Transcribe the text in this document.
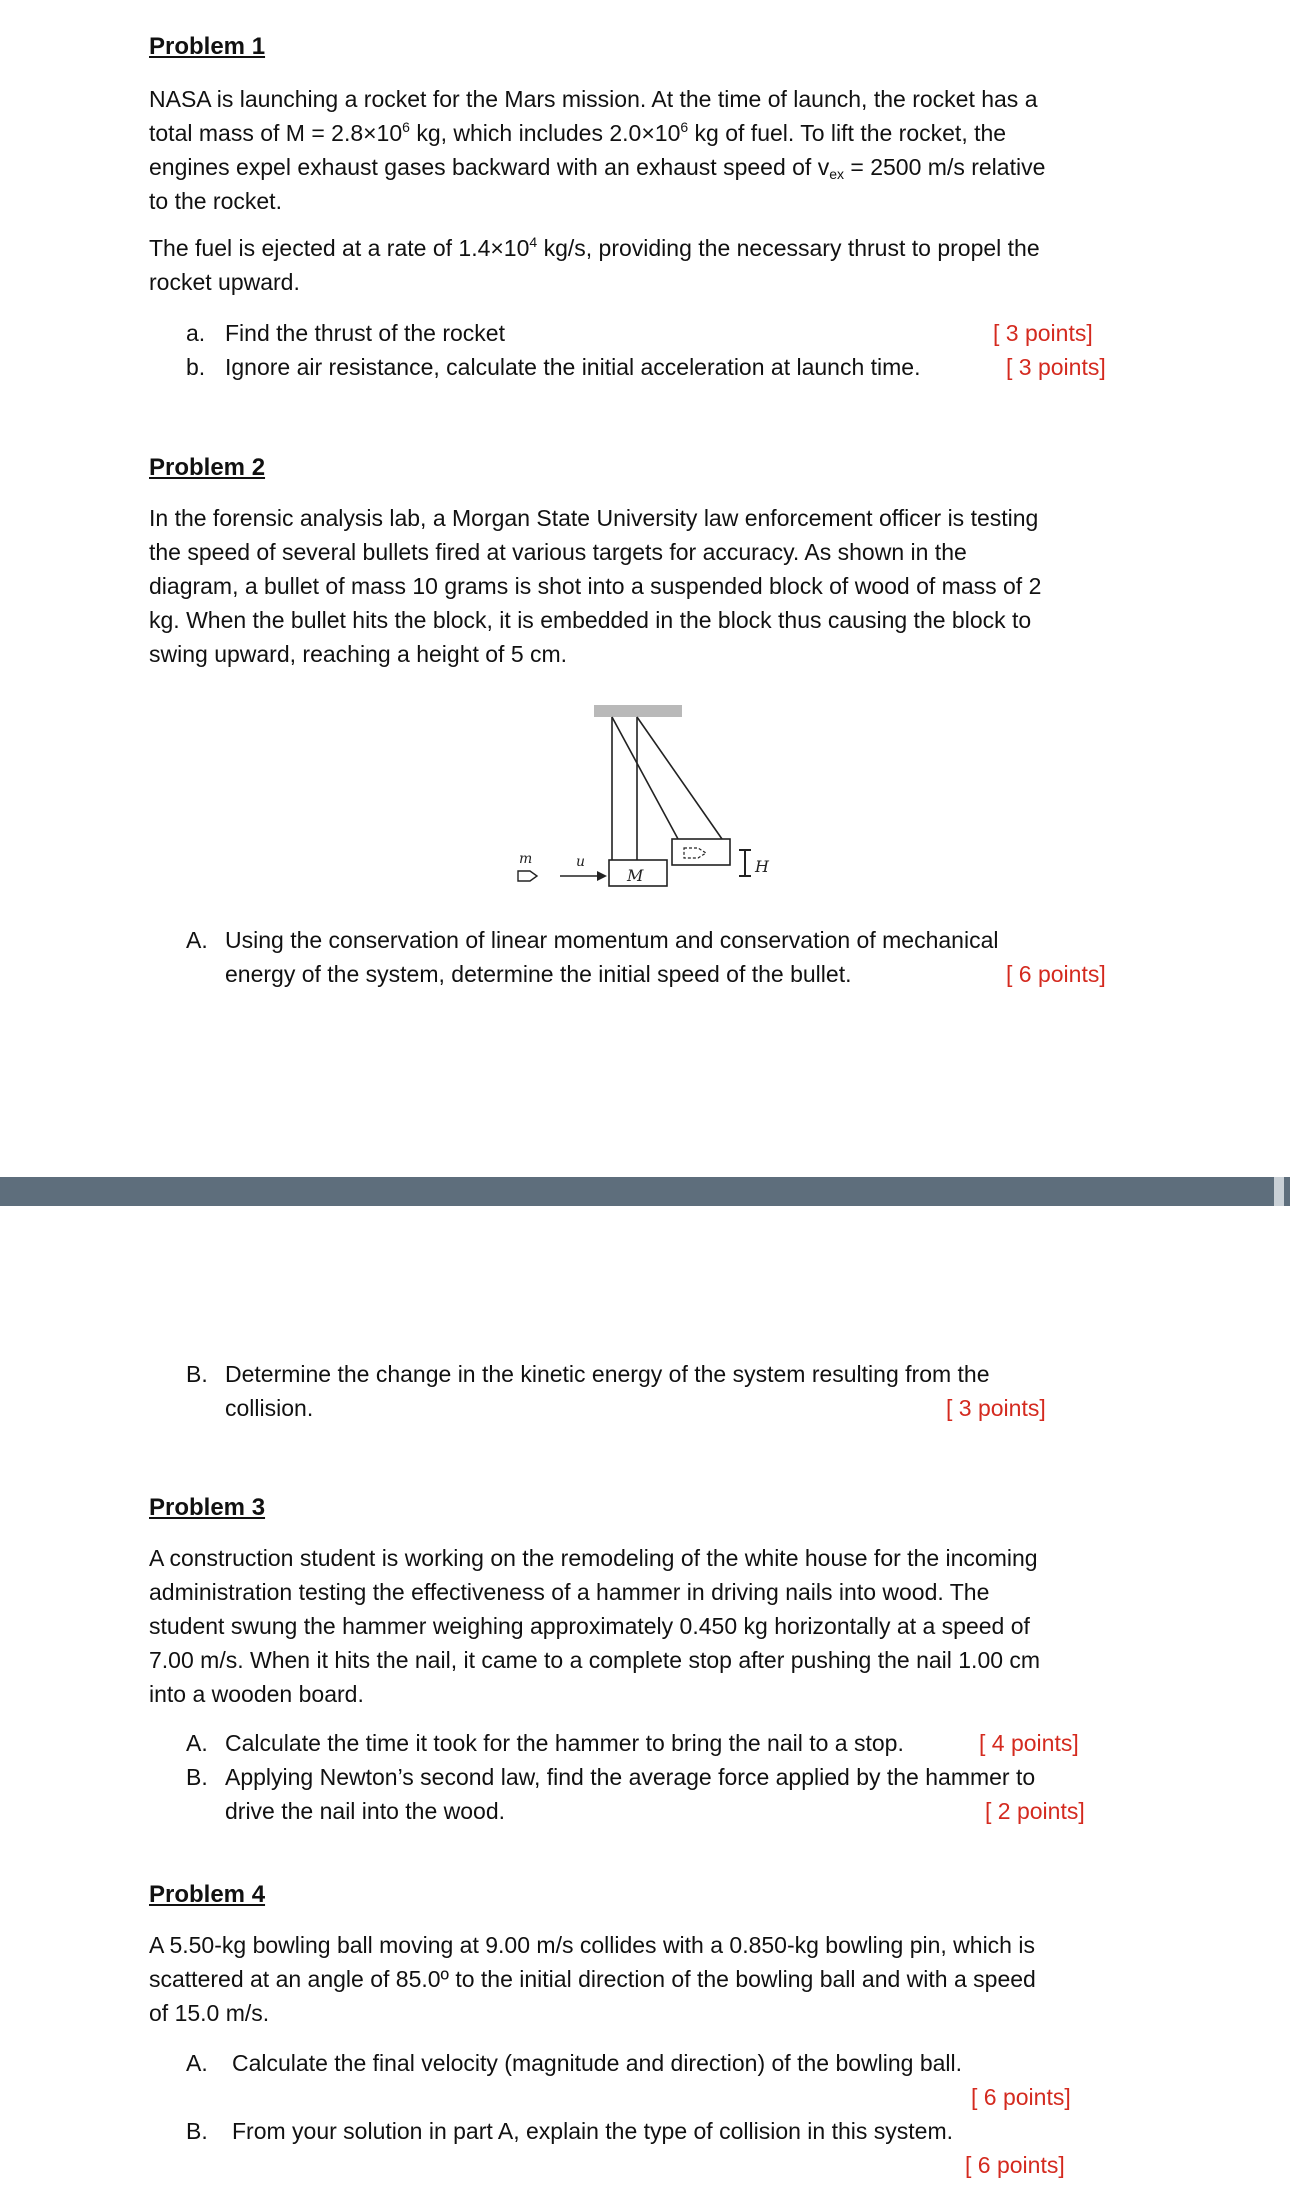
Problem 1

NASA is launching a rocket for the Mars mission. At the time of launch, the rocket has a

total mass of $M = 2.8\times 10^6$ kg, which includes $2.0\times 10^6$ kg of fuel. To lift the rocket, the

engines expel exhaust gases backward with an exhaust speed of $v_{ex} = 2500$ m/s relative

to the rocket.

The fuel is ejected at a rate of $1.4\times 10^4$ kg/s, providing the necessary thrust to propel the

rocket upward.

a. Find the thrust of the rocket	[ 3 points]
b. Ignore air resistance, calculate the initial acceleration at launch time.	[ 3 points]
Problem 2

In the forensic analysis lab, a Morgan State University law enforcement officer is testing

the speed of several bullets fired at various targets for accuracy. As shown in the

diagram, a bullet of mass 10 grams is shot into a suspended block of wood of mass of 2

kg. When the bullet hits the block, it is embedded in the block thus causing the block to

swing upward, reaching a height of 5 cm.

M
m	u	H
A. Using the conservation of linear momentum and conservation of mechanical
energy of the system, determine the initial speed of the bullet.	[ 6 points]
B. Determine the change in the kinetic energy of the system resulting from the
collision.	[ 3 points]
Problem 3

A construction student is working on the remodeling of the white house for the incoming

administration testing the effectiveness of a hammer in driving nails into wood. The

student swung the hammer weighing approximately 0.450 kg horizontally at a speed of

7.00 m/s. When it hits the nail, it came to a complete stop after pushing the nail 1.00 cm

into a wooden board.

A. Calculate the time it took for the hammer to bring the nail to a stop.	[ 4 points]
B. Applying Newton’s second law, find the average force applied by the hammer to
drive the nail into the wood.	[ 2 points]
Problem 4

A 5.50-kg bowling ball moving at 9.00 m/s collides with a 0.850-kg bowling pin, which is

scattered at an angle of 85.0º to the initial direction of the bowling ball and with a speed

of 15.0 m/s.

A. Calculate the final velocity (magnitude and direction) of the bowling ball.
[ 6 points]
B. From your solution in part A, explain the type of collision in this system.
[ 6 points]
